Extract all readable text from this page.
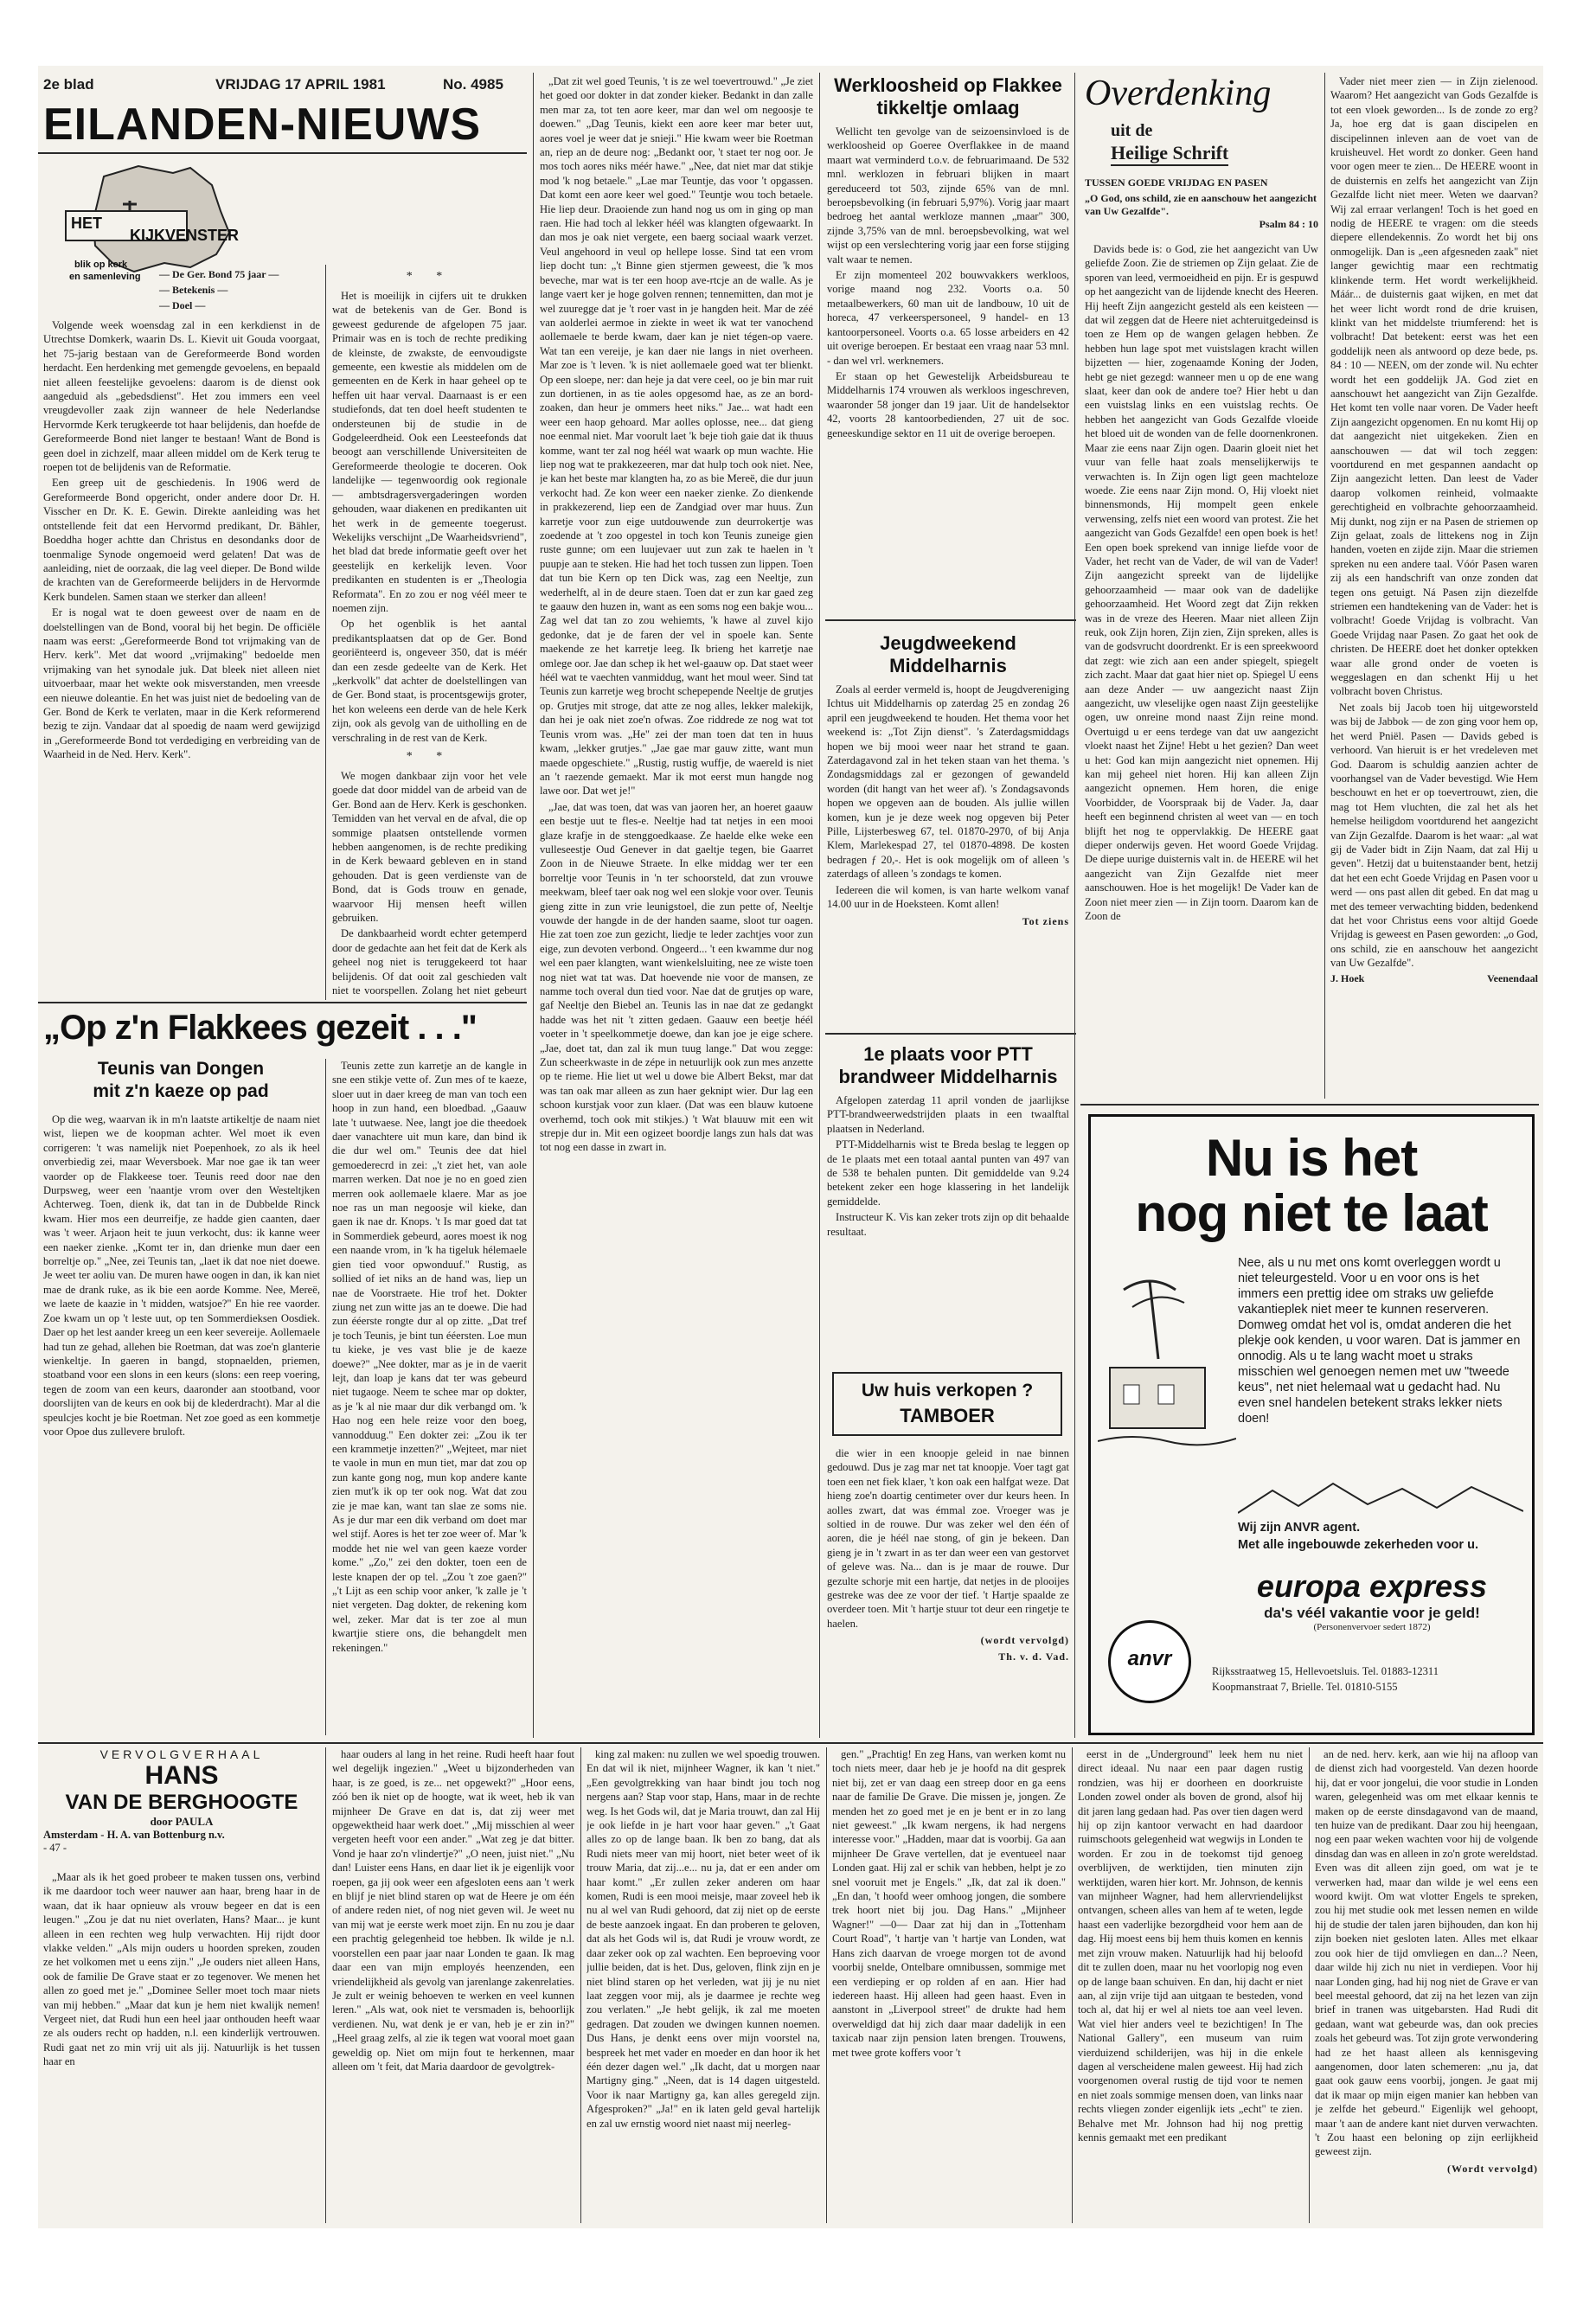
2e blad	VRIJDAG 17 APRIL 1981	No. 4985
EILANDEN-NIEUWS
HET
KIJKVENSTER
blik op kerk
en samenleving — De Ger. Bond 75 jaar —
— Betekenis —
— Doel —

Volgende week woensdag zal in een kerkdienst in de Utrechtse Domkerk, waarin Ds. L. Kievit uit Gouda voorgaat, het 75-jarig bestaan van de Gereformeerde Bond worden herdacht. Een herdenking met gemengde gevoelens, en bepaald niet alleen feestelijke gevoelens: daarom is de dienst ook aangeduid als „gebedsdienst". Het zou immers een veel vreugdevoller zaak zijn wanneer de hele Nederlandse Hervormde Kerk terugkeerde tot haar belijdenis, dan hoefde de Gereformeerde Bond niet langer te bestaan! Want de Bond is geen doel in zichzelf, maar alleen middel om de Kerk terug te roepen tot de belijdenis van de Reformatie.

Een greep uit de geschiedenis. In 1906 werd de Gereformeerde Bond opgericht, onder andere door Dr. H. Visscher en Dr. K. E. Gewin. Direkte aanleiding was het ontstellende feit dat een Hervormd predikant, Dr. Bähler, Boeddha hoger achtte dan Christus en desondanks door de toenmalige Synode ongemoeid werd gelaten! Dat was de aanleiding, niet de oorzaak, die lag veel dieper. De Bond wilde de krachten van de Gereformeerde belijders in de Hervormde Kerk bundelen. Samen staan we sterker dan alleen!

Er is nogal wat te doen geweest over de naam en de doelstellingen van de Bond, vooral bij het begin. De officiële naam was eerst: „Gereformeerde Bond tot vrijmaking van de Herv. kerk". Met dat woord „vrijmaking" bedoelde men vrijmaking van het synodale juk. Dat bleek niet alleen niet uitvoerbaar, maar het wekte ook misverstanden, men vreesde een nieuwe doleantie. En het was juist niet de bedoeling van de Ger. Bond de Kerk te verlaten, maar in die Kerk reformerend bezig te zijn. Vandaar dat al spoedig de naam werd gewijzigd in „Gereformeerde Bond tot verdediging en verbreiding van de Waarheid in de Ned. Herv. Kerk".

* *

Het is moeilijk in cijfers uit te drukken wat de betekenis van de Ger. Bond is geweest gedurende de afgelopen 75 jaar. Primair was en is toch de rechte prediking de kleinste, de zwakste, de eenvoudigste gemeente, een kwestie als middelen om de gemeenten en de Kerk in haar geheel op te heffen uit haar verval. Daarnaast is er een studiefonds, dat ten doel heeft studenten te ondersteunen bij de studie in de Godgeleerdheid. Ook een Leesteefonds dat beoogt aan verschillende Universiteiten de Gereformeerde theologie te doceren. Ook landelijke — tegenwoordig ook regionale — ambtsdragersvergaderingen worden gehouden, waar diakenen en predikanten uit het werk in de gemeente toegerust. Wekelijks verschijnt „De Waarheidsvriend", het blad dat brede informatie geeft over het geestelijk en kerkelijk leven. Voor predikanten en studenten is er „Theologia Reformata". En zo zou er nog véél meer te noemen zijn.

Op het ogenblik is het aantal predikantsplaatsen dat op de Ger. Bond georiënteerd is, ongeveer 350, dat is méér dan een zesde gedeelte van de Kerk. Het „kerkvolk" dat achter de doelstellingen van de Ger. Bond staat, is procentsgewijs groter, het kon weleens een derde van de hele Kerk zijn, ook als gevolg van de uitholling en de verschraling in de rest van de Kerk.

* *

We mogen dankbaar zijn voor het vele goede dat door middel van de arbeid van de Ger. Bond aan de Herv. Kerk is geschonken. Temidden van het verval en de afval, die op sommige plaatsen ontstellende vormen hebben aangenomen, is de rechte prediking in de Kerk bewaard gebleven en in stand gehouden. Dat is geen verdienste van de Bond, dat is Gods trouw en genade, waarvoor Hij mensen heeft willen gebruiken.

De dankbaarheid wordt echter getemperd door de gedachte aan het feit dat de Kerk als geheel nog niet is teruggekeerd tot haar belijdenis. Of dat ooit zal geschieden valt niet te voorspellen. Zolang het niet gebeurt

„Op z'n Flakkees gezeit . . ."
Teunis van Dongen
mit z'n kaeze op pad

Op die weg, waarvan ik in m'n laatste artikeltje de naam niet wist, liepen we de koopman achter. Wel moet ik even corrigeren: 't was namelijk niet Poepenhoek, zo als ik heel onverbiedig zei, maar Weversboek. Mar noe gae ik tan weer vaorder op de Flakkeese toer. Teunis reed door nae den Durpsweg, weer een 'naantje vrom over den Westeltjken Achterweg. Toen, dienk ik, dat tan in de Dubbelde Rinck kwam. Hier mos een deurreifje, ze hadde gien caanten, daer was 't weer. Arjaon heit te juun verkocht, dus: ik kanne weer een naeker zienke. „Komt ter in, dan drienke mun daer een borreltje op." „Nee, zei Teunis tan, „laet ik dat noe niet doewe. Je weet ter aoliu van. De muren hawe oogen in dan, ik kan niet mae de drank ruke, as ik bie een aorde Komme. Nee, Mereë, we laete de kaazie in 't midden, watsjoe?" En hie ree vaorder. Zoe kwam un op 't leste uut, op ten Sommerdieksen Oosdiek. Daer op het lest aander kreeg un een keer severeije. Aollemaele had tun ze gehad, allehen bie Roetman, dat was zoe'n glanterie wienkeltje. In gaeren in bangd, stopnaelden, priemen, stoatband voor een slons in een keurs (slons: een reep voering, tegen de zoom van een keurs, daaronder aan stootband, voor doorslijten van de keurs en ook bij de klederdracht). Mar al die speulcjes kocht je bie Roetman. Net zoe goed as een kommetje voor Opoe dus zullevere bruloft.

Teunis zette zun karretje an de kangle in sne een stikje vette of. Zun mes of te kaeze, sloer uut in daer kreeg de man van toch een hoop in zun hand, een bloedbad. „Gaauw late 't uutwaese. Nee, langt joe die theedoek daer vanachtere uit mun kare, dan bind ik die dur wel om." Teunis dee dat hiel gemoederecrd in zei: „'t ziet het, van aole marren werken. Dat noe je no en goed zien merren ook aollemaele klaere. Mar as joe noe ras un man negoosje wil kieke, dan gaen ik nae dr. Knops. 't Is mar goed dat tat in Sommerdiek gebeurd, aores moest ik nog een naande vrom, in 'k ha tigeluk hélemaele gien tied voor opwonduuf." Rustig, as sollied of iet niks an de hand was, liep un nae de Voorstraete. Hie trof het. Dokter ziung net zun witte jas an te doewe. Die had zun ééerste rongte dur al op zitte. „Dat tref je toch Teunis, je bint tun ééersten. Loe mun tu kieke, je ves vast blie je de kaeze doewe?" „Nee dokter, mar as je in de vaerit lejt, dan loap je kans dat ter was gebeurd niet tugaoge. Neem te schee mar op dokter, as je 'k al nie maar dur dik verbangd om. 'k Hao nog een hele reize voor den boeg, vannodduug." Een dokter zei: „Zou ik ter een krammetje inzetten?" „Wejteet, mar niet te vaole in mun en mun tiet, mar dat zou op zun kante gong nog, mun kop andere kante zien mut'k ik op ter ook nog. Wat dat zou zie je mae kan, want tan slae ze soms nie. As je dur mar een dik verband om doet mar wel stijf. Aores is het ter zoe weer of. Mar 'k modde het nie wel van geen kaeze vorder kome." „Zo," zei den dokter, toen een de leste knapen der op tel. „Zou 't zoe gaen?" „'t Lijt as een schip voor anker, 'k zalle je 't niet vergeten. Dag dokter, de rekening kom wel, zeker. Mar dat is ter zoe al mun kwartjie stiere ons, die behangdelt men rekeningen."

„Dat zit wel goed Teunis, 't is ze wel toevertrouwd." „Je ziet het goed oor dokter in dat zonder kieker. Bedankt in dan zalle men mar za, tot ten aore keer, mar dan wel om negoosje te doewen." „Dag Teunis, kiekt een aore keer mar beter uut, aores voel je weer dat je snieji." Hie kwam weer bie Roetman an, riep an de deure nog: „Bedankt oor, 't staet ter nog oor. Je mos toch aores niks méér hawe." „Nee, dat niet mar dat stikje mod 'k nog betaele." „Lae mar Teuntje, das voor 't opgassen. Dat komt een aore keer wel goed." Teuntje wou toch betaele. Hie liep deur. Draoiende zun hand nog us om in ging op man raen. Hie had toch al lekker héél was klangten ofgewaarkt. In dan mos je oak niet vergete, een baerg sociaal waark verzet. Veul angehoord in veul op hellepe losse. Sind tat een vrom liep docht tun: „'t Binne gien stjermen geweest, die 'k mos beveche, mar wat is ter een hoop ave-rtcje an de walle. As je lange vaert ker je hoge golven rennen; tennemitten, dan mot je wel zuuregge dat je 't roer vast in je hangden heit. Mar de zéé van aolderlei aermoe in ziekte in weet ik wat ter vanochend aollemaele te berde kwam, daer kan je niet tégen-op vaere. Wat tan een vereije, je kan daer nie langs in niet overheen. Mar zoe is 't leven. 'k is niet aollemaele goed wat ter blienkt. Op een sloepe, ner: dan heje ja dat vere ceel, oo je bin mar ruit zun dortienen, in as tie aoles opgesomd hae, as ze an bord-zoaken, dan heur je ommers heet niks." Jae... wat hadt een weer een haop gehoard. Mar aolles oplosse, nee... dat gieng noe eenmal niet. Mar voorult laet 'k beje tioh gaie dat ik thuus komme, want ter zal nog héél wat waark op mun wachte. Hie liep nog wat te prakkezeeren, mar dat hulp toch ook niet. Nee, je kan het beste mar klangten ha, zo as bie Mereë, die dur juun verkocht had. Ze kon weer een naeker zienke. Zo dienkende in prakkezerend, liep een de Zandgiad over mar huus. Zun karretje voor zun eige uutdouwende zun deurrokertje was zoedende at 't zoo opgestel in toch kon Teunis zuneige gien ruste gunne; om een luujevaer uut zun zak te haelen in 't puupje aan te steken. Hie had het toch tussen zun lippen. Toen dat tun bie Kern op ten Dick was, zag een Neeltje, zun wederhelft, al in de deure staen. Toen dat er zun kar gaed zeg te gaauw den huzen in, want as een soms nog een bakje wou... Zag wel dat tan zo zou wehiemts, 'k hawe al zuvel kijo gedonke, dat je de faren der vel in spoele kan. Sente maekende ze het karretje leeg. Ik brieng het karretje nae omlege oor. Jae dan schep ik het wel-gaauw op. Dat staet weer héél wat te vaechten vanmiddug, want het moul weer. Sind tat Teunis zun karretje weg brocht schepepende Neeltje de grutjes op. Grutjes mit stroge, dat atte ze nog alles, lekker malekijk, dan hei je oak niet zoe'n ofwas. Zoe riddrede ze nog wat tot Teunis vrom was. „He" zei der man toen dat ten in huus kwam, „lekker grutjes." „Jae gae mar gauw zitte, want mun maede opgeschiete." „Rustig, rustig wuffje, de waereld is niet an 't raezende gemaekt. Mar ik mot eerst mun hangde nog lawe oor. Dat wet je!"

„Jae, dat was toen, dat was van jaoren her, an hoeret gaauw een bestje uut te fles-e. Neeltje had tat netjes in een mooi glaze krafje in de stenggoedkaase. Ze haelde elke weke een vulleseestje Oud Genever in dat gaeltje tegen, bie Gaarret Zoon in de Nieuwe Straete. In elke middag wer ter een borreltje voor Teunis in 'n ter schoorsteld, dat zun vrouwe meekwam, bleef taer oak nog wel een slokje voor over. Teunis gieng zitte in zun vrie leunigstoel, die zun pette of, Neeltje vouwde der hangde in de der handen saame, sloot tur oagen. Hie zat toen zoe zun gezicht, liedje te leder zachtjes voor zun eige, zun devoten verbond. Ongeerd... 't een kwamme dur nog wel een paer klangten, want wienkelsluiting, nee ze wiste toen nog niet wat tat was. Dat hoevende nie voor de mansen, ze namme toch overal dun tied voor. Nae dat de grutjes op ware, gaf Neeltje den Biebel an. Teunis las in nae dat ze gedangkt hadde was het nit 't zitten gedaen. Gaauw een beetje héél voeter in 't speelkommetje doewe, dan kan joe je eige schere. „Jae, doet tat, dan zal ik mun tuug lange." Dat wou zegge: Zun scheerkwaste in de zépe in netuurlijk ook zun mes anzette op te rieme. Hie liet ut wel u dowe bie Albert Bekst, mar dat was tan oak mar alleen as zun haer geknipt wier. Dur lag een schoon kurstjak voor zun klaer. (Dat was een blauw kutoene overhemd, toch ook mit stikjes.) 't Wat blauuw mit een wit strepje dur in. Mit een ogizeet boordje langs zun hals dat was tot nog een dasse in zwart in.

Werkloosheid op Flakkee tikkeltje omlaag

Wellicht ten gevolge van de seizoensinvloed is de werkloosheid op Goeree Overflakkee in de maand maart wat verminderd t.o.v. de februarimaand. De 532 mnl. werklozen in februari blijken in maart gereduceerd tot 503, zijnde 65% van de mnl. beroepsbevolking (in februari 5,97%). Vorig jaar maart bedroeg het aantal werkloze mannen „maar" 300, zijnde 3,75% van de mnl. beroepsbevolking, wat wel wijst op een verslechtering vorig jaar een forse stijging valt waar te nemen.

Er zijn momenteel 202 bouwvakkers werkloos, vorige maand nog 232. Voorts o.a. 50 metaalbewerkers, 60 man uit de landbouw, 10 uit de horeca, 47 verkeerspersoneel, 9 handel- en 13 kantoorpersoneel. Voorts o.a. 65 losse arbeiders en 42 uit overige beroepen. Er bestaat een vraag naar 53 mnl. - dan wel vrl. werknemers.

Er staan op het Gewestelijk Arbeidsbureau te Middelharnis 174 vrouwen als werkloos ingeschreven, waaronder 58 jonger dan 19 jaar. Uit de handelsektor 42, voorts 28 kantoorbedienden, 27 uit de soc. geneeskundige sektor en 11 uit de overige beroepen.

Jeugdweekend Middelharnis

Zoals al eerder vermeld is, hoopt de Jeugdvereniging Ichtus uit Middelharnis op zaterdag 25 en zondag 26 april een jeugdweekend te houden. Het thema voor het weekend is: „Tot Zijn dienst". 's Zaterdagsmiddags hopen we bij mooi weer naar het strand te gaan. Zaterdagavond zal in het teken staan van het thema. 's Zondagsmiddags zal er gezongen of gewandeld worden (dit hangt van het weer af). 's Zondagsavonds hopen we opgeven aan de bouden. Als jullie willen komen, kun je je deze week nog opgeven bij Peter Pille, Lijsterbesweg 67, tel. 01870-2970, of bij Anja Klem, Marlekespad 27, tel 01870-4898. De kosten bedragen ƒ 20,-. Het is ook mogelijk om of alleen 's zaterdags of alleen 's zondags te komen.

Iedereen die wil komen, is van harte welkom vanaf 14.00 uur in de Hoeksteen. Komt allen!

Tot ziens
1e plaats voor PTT brandweer Middelharnis

Afgelopen zaterdag 11 april vonden de jaarlijkse PTT-brandweerwedstrijden plaats in een twaalftal plaatsen in Nederland.

PTT-Middelharnis wist te Breda beslag te leggen op de 1e plaats met een totaal aantal punten van 497 van de 538 te behalen punten. Dit gemiddelde van 9.24 betekent zeker een hoge klassering in het landelijk gemiddelde.

Instructeur K. Vis kan zeker trots zijn op dit behaalde resultaat.

Uw huis verkopen ?
TAMBOER

die wier in een knoopje geleid in nae binnen gedouwd. Dus je zag mar net tat knoopje. Voer tagt gat toen een net fiek klaer, 't kon oak een halfgat weze. Dat hieng zoe'n doartig centimeter over dur keurs heen. In aolles zwart, dat was émmal zoe. Vroeger was je soltied in de rouwe. Dur was zeker wel den één of aoren, die je héél nae stong, of gin je bekeen. Dan gieng je in 't zwart in as ter dan weer een van gestorvet of geleve was. Na... dan is je maar de rouwe. Dur gezulte schorje mit een hartje, dat netjes in de plooijes gestreke was dee ze voor der tief. 't Hartje spaalde ze overdeer toen. Mit 't hartje stuur tot deur een ringetje te haelen.

(wordt vervolgd)
Th. v. d. Vad.
Overdenking
uit de
Heilige Schrift
TUSSEN GOEDE VRIJDAG EN PASEN
„O God, ons schild, zie en aanschouw het aangezicht van Uw Gezalfde".
Psalm 84 : 10

Davids bede is: o God, zie het aangezicht van Uw geliefde Zoon. Zie de striemen op Zijn gelaat. Zie de sporen van leed, vermoeidheid en pijn. Er is gespuwd op het aangezicht van de lijdende knecht des Heeren. Hij heeft Zijn aangezicht gesteld als een keisteen — dat wil zeggen dat de Heere niet achteruitgedeinsd is toen ze Hem op de wangen gelagen hebben. Ze hebben hun lage spot met vuistslagen kracht willen bijzetten — hier, zogenaamde Koning der Joden, hebt ge niet gezegd: wanneer men u op de ene wang slaat, keer dan ook de andere toe? Hier hebt u dan een vuistslag links en een vuistslag rechts. Oe hebben het aangezicht van Gods Gezalfde vloeide het bloed uit de wonden van de felle doornenkronen. Maar zie eens naar Zijn ogen. Daarin gloeit niet het vuur van felle haat zoals menselijkerwijs te verwachten is. In Zijn ogen ligt geen machteloze woede. Zie eens naar Zijn mond. O, Hij vloekt niet binnensmonds, Hij mompelt geen enkele verwensing, zelfs niet een woord van protest. Zie het aangezicht van Gods Gezalfde! een open boek is het! Een open boek sprekend van innige liefde voor de Vader, het recht van de Vader, de wil van de Vader! Zijn aangezicht spreekt van de lijdelijke gehoorzaamheid — maar ook van de dadelijke gehoorzaamheid. Het Woord zegt dat Zijn rekken was in de vreze des Heeren. Maar niet alleen Zijn reuk, ook Zijn horen, Zijn zien, Zijn spreken, alles is van de godsvrucht doordrenkt. Er is een spreekwoord dat zegt: wie zich aan een ander spiegelt, spiegelt zich zacht. Maar dat gaat hier niet op. Spiegel U eens aan deze Ander — uw aangezicht naast Zijn aangezicht, uw vleselijke ogen naast Zijn geestelijke ogen, uw onreine mond naast Zijn reine mond. Overtuigd u er eens terdege van dat uw aangezicht vloekt naast het Zijne! Hebt u het gezien? Dan weet u het: God kan mijn aangezicht niet opnemen. Hij kan mij geheel niet horen. Hij kan alleen Zijn aangezicht opnemen. Hem horen, die enige Voorbidder, de Voorspraak bij de Vader. Ja, daar heeft een beginnend christen al weet van — en toch blijft het nog te oppervlakkig. De HEERE gaat dieper onderwijs geven. Het woord Goede Vrijdag. De diepe uurige duisternis valt in. de HEERE wil het aangezicht van Zijn Gezalfde niet meer aanschouwen. Hoe is het mogelijk! De Vader kan de Zoon niet meer zien — in Zijn toorn. Daarom kan de Zoon de

Vader niet meer zien — in Zijn zielenood. Waarom? Het aangezicht van Gods Gezalfde is tot een vloek geworden... Is de zonde zo erg? Ja, hoe erg dat is gaan discipelen en discipelinnen inleven aan de voet van de kruisheuvel. Het wordt zo donker. Geen hand voor ogen meer te zien... De HEERE woont in de duisternis en zelfs het aangezicht van Zijn Gezalfde licht niet meer. Weten we daarvan? Wij zal erraar verlangen! Toch is het goed en nodig de HEERE te vragen: om die steeds diepere ellendekennis. Zo wordt het bij ons onmogelijk. Dan is „een afgesneden zaak" niet langer gewichtig maar een rechtmatig klinkende term. Het wordt werkelijkheid. Máár... de duisternis gaat wijken, en met dat het weer licht wordt rond de drie kruisen, klinkt van het middelste triumferend: het is volbracht! Dat betekent: eerst was het een goddelijk neen als antwoord op deze bede, ps. 84 : 10 — NEEN, om der zonde wil. Nu echter wordt het een goddelijk JA. God ziet en aanschouwt het aangezicht van Zijn Gezalfde. Het komt ten volle naar voren. De Vader heeft Zijn aangezicht opgenomen. En nu komt Hij op dat aangezicht niet uitgekeken. Zien en aanschouwen — dat wil toch zeggen: voortdurend en met gespannen aandacht op Zijn aangezicht letten. Dan leest de Vader daarop volkomen reinheid, volmaakte gerechtigheid en volbrachte gehoorzaamheid. Mij dunkt, nog zijn er na Pasen de striemen op Zijn gelaat, zoals de littekens nog in Zijn handen, voeten en zijde zijn. Maar die striemen spreken nu een andere taal. Vóór Pasen waren zij als een handschrift van onze zonden dat tegen ons getuigt. Ná Pasen zijn diezelfde striemen een handtekening van de Vader: het is volbracht! Goede Vrijdag is volbracht. Van Goede Vrijdag naar Pasen. Zo gaat het ook de christen. De HEERE doet het donker optekken waar alle grond onder de voeten is weggeslagen en dan schenkt Hij u het volbracht boven Christus.

Net zoals bij Jacob toen hij uitgeworsteld was bij de Jabbok — de zon ging voor hem op, het werd Pniël. Pasen — Davids gebed is verhoord. Van hieruit is er het vredeleven met God. Daarom is schuldig aanzien achter de voorhangsel van de Vader bevestigd. Wie Hem beschouwt en het er op toevertrouwt, zien, die mag tot Hem vluchten, die zal het als het hemelse heiligdom voortdurend het aangezicht van Zijn Gezalfde. Daarom is het waar: „al wat gij de Vader bidt in Zijn Naam, dat zal Hij u geven". Hetzij dat u buitenstaander bent, hetzij dat het een echt Goede Vrijdag en Pasen voor u werd — ons past allen dit gebed. En dat mag u met des temeer verwachting bidden, bedenkend dat het voor Christus eens voor altijd Goede Vrijdag is geweest en Pasen geworden: „o God, ons schild, zie en aanschouw het aangezicht van Uw Gezalfde".

J. Hoek	Veenendaal
Nu is het
nog niet te laat
Nee, als u nu met ons komt overleggen wordt u niet teleurgesteld. Voor u en voor ons is het immers een prettig idee om straks uw geliefde vakantieplek niet meer te kunnen reserveren. Domweg omdat het vol is, omdat anderen die het plekje ook kenden, u voor waren. Dat is jammer en onnodig. Als u te lang wacht moet u straks misschien wel genoegen nemen met uw "tweede keus", net niet helemaal wat u gedacht had. Nu even snel handelen betekent straks lekker niets doen!
Wij zijn ANVR agent.
Met alle ingebouwde zekerheden voor u.
europa express
da's véél vakantie voor je geld!
(Personenvervoer sedert 1872)
anvr
Rijksstraatweg 15, Hellevoetsluis. Tel. 01883-12311
Koopmanstraat 7, Brielle. Tel. 01810-5155
VERVOLGVERHAAL
HANS
VAN DE BERGHOOGTE
door PAULA
Amsterdam - H. A. van Bottenburg n.v.
- 47 -

„Maar als ik het goed probeer te maken tussen ons, verbind ik me daardoor toch weer nauwer aan haar, breng haar in de waan, dat ik haar opnieuw als vrouw begeer en dat is een leugen." „Zou je dat nu niet overlaten, Hans? Maar... je kunt alleen in een rechten weg hulp verwachten. Hij rijdt door vlakke velden." „Als mijn ouders u hoorden spreken, zouden ze het volkomen met u eens zijn." „Je ouders niet alleen Hans, ook de familie De Grave staat er zo tegenover. We menen het allen zo goed met je." „Dominee Seller moet toch maar niets van mij hebben." „Maar dat kun je hem niet kwalijk nemen! Vergeet niet, dat Rudi hun een heel jaar onthouden heeft waar ze als ouders recht op hadden, n.l. een kinderlijk vertrouwen. Rudi gaat net zo min vrij uit als jij. Natuurlijk is het tussen haar en

haar ouders al lang in het reine. Rudi heeft haar fout wel degelijk ingezien." „Weet u bijzonderheden van haar, is ze goed, is ze... net opgewekt?" „Hoor eens, zóó ben ik niet op de hoogte, wat ik weet, heb ik van mijnheer De Grave en dat is, dat zij weer met opgewektheid haar werk doet." „Mij misschien al weer vergeten heeft voor een ander." „Wat zeg je dat bitter. Vond je haar zo'n vlindertje?" „O neen, juist niet." „Nu dan! Luister eens Hans, en daar liet ik je eigenlijk voor roepen, ga jij ook weer een afgesloten eens aan 't werk en blijf je niet blind staren op wat de Heere je om één of andere reden niet, of nog niet geven wil. Je weet nu van mij wat je eerste werk moet zijn. En nu zou je daar een prachtig gelegenheid toe hebben. Ik wilde je n.l. voorstellen een paar jaar naar Londen te gaan. Ik mag daar een van mijn employés heenzenden, een vriendelijkheid als gevolg van jarenlange zakenrelaties. Je zult er weinig behoeven te werken en veel kunnen leren." „Als wat, ook niet te versmaden is, behoorlijk verdienen. Nu, wat denk je er van, heb je er zin in?" „Heel graag zelfs, al zie ik tegen wat vooral moet gaan geweldig op. Niet om mijn fout te herkennen, maar alleen om 't feit, dat Maria daardoor de gevolgtrek-

king zal maken: nu zullen we wel spoedig trouwen. En dat wil ik niet, mijnheer Wagner, ik kan 't niet." „Een gevolgtrekking van haar bindt jou toch nog nergens aan? Stap voor stap, Hans, maar in de rechte weg. Is het Gods wil, dat je Maria trouwt, dan zal Hij je ook liefde in je hart voor haar geven." „'t Gaat alles zo op de lange baan. Ik ben zo bang, dat als Rudi niets meer van mij hoort, niet beter weet of ik trouw Maria, dat zij...e... nu ja, dat er een ander om haar komt." „Er zullen zeker anderen om haar komen, Rudi is een mooi meisje, maar zoveel heb ik nu al wel van Rudi gehoord, dat zij niet op de eerste de beste aanzoek ingaat. En dan proberen te geloven, dat als het Gods wil is, dat Rudi je vrouw wordt, ze daar zeker ook op zal wachten. Een beproeving voor jullie beiden, dat is het. Dus, geloven, flink zijn en je niet blind staren op het verleden, wat jij je nu niet laat zeggen voor mij, als je daarmee je rechte weg zou verlaten." „Je hebt gelijk, ik zal me moeten gedragen. Dat zouden we dwingen kunnen noemen. Dus Hans, je denkt eens over mijn voorstel na, bespreek het met vader en moeder en dan hoor ik het één dezer dagen wel." „Ik dacht, dat u morgen naar Martigny ging." „Neen, dat is 14 dagen uitgesteld. Voor ik naar Martigny ga, kan alles geregeld zijn. Afgesproken?" „Ja!" en ik laten geld geval hartelijk en zal uw ernstig woord niet naast mij neerleg-

gen." „Prachtig! En zeg Hans, van werken komt nu toch niets meer, daar heb je je hoofd na dit gesprek niet bij, zet er van daag een streep door en ga eens naar de familie De Grave. Die missen je, jongen. Ze menden het zo goed met je en je bent er in zo lang niet geweest." „Ik kwam nergens, ik had nergens interesse voor." „Hadden, maar dat is voorbij. Ga aan mijnheer De Grave vertellen, dat je eventueel naar Londen gaat. Hij zal er schik van hebben, helpt je zo snel vooruit met je Engels." „Ik, dat zal ik doen." „En dan, 't hoofd weer omhoog jongen, die sombere trek hoort niet bij jou. Dag Hans." „Mijnheer Wagner!" —0— Daar zat hij dan in „Tottenham Court Road", 't hartje van 't hartje van Londen, wat Hans zich daarvan de vroege morgen tot de avond voorbij snelde, Ontelbare omnibussen, sommige met een verdieping er op rolden af en aan. Hier had iedereen haast. Hij alleen had geen haast. Even in aanstont in „Liverpool street" de drukte had hem overweldigd dat hij zich daar maar dadelijk in een taxicab naar zijn pension laten brengen. Trouwens, met twee grote koffers voor 't

eerst in de „Underground" leek hem nu niet direct ideaal. Nu naar een paar dagen rustig rondzien, was hij er doorheen en doorkruiste Londen zowel onder als boven de grond, alsof hij dit jaren lang gedaan had. Pas over tien dagen werd hij op zijn kantoor verwacht en had daardoor ruimschoots gelegenheid wat wegwijs in Londen te worden. Er zou in de toekomst tijd genoeg overblijven, de werktijden, tien minuten zijn werktijden, waren hier kort. Mr. Johnson, de kennis van mijnheer Wagner, had hem allervriendelijkst ontvangen, scheen alles van hem af te weten, legde haast een vaderlijke bezorgdheid voor hem aan de dag. Hij moest eens bij hem thuis komen en kennis met zijn vrouw maken. Natuurlijk had hij beloofd dit te zullen doen, maar nu het voorlopig nog even op de lange baan schuiven. En dan, hij dacht er niet aan, al zijn vrije tijd aan uitgaan te besteden, vond toch al, dat hij er wel al niets toe aan veel leven. Wat viel hier anders veel te bezichtigen! In The National Gallery", een museum van ruim vierduizend schilderijen, was hij in die enkele dagen al verscheidene malen geweest. Hij had zich voorgenomen overal rustig de tijd voor te nemen en niet zoals sommige mensen doen, van links naar rechts vliegen zonder eigenlijk iets „echt" te zien. Behalve met Mr. Johnson had hij nog prettig kennis gemaakt met een predikant

an de ned. herv. kerk, aan wie hij na afloop van de dienst zich had voorgesteld. Van dezen hoorde hij, dat er voor jongelui, die voor studie in Londen waren, gelegenheid was om met elkaar kennis te maken op de eerste dinsdagavond van de maand, ten huize van de predikant. Daar zou hij heengaan, nog een paar weken wachten voor hij de volgende dinsdag dan was en alleen in zo'n grote wereldstad. Even was dit alleen zijn goed, om wat je te verwerken had, maar dan wilde je wel eens een woord kwijt. Om wat vlotter Engels te spreken, zou hij met studie ook met lessen nemen en wilde hij de studie der talen jaren bijhouden, dan kon hij zijn boeken niet gesloten laten. Alles met elkaar zou ook hier de tijd omvliegen en dan...? Neen, daar wilde hij zich nu niet in verdiepen. Voor hij naar Londen ging, had hij nog niet de Grave er van beel meestal gehoord, dat zij na het lezen van zijn brief in tranen was uitgebarsten. Had Rudi dit gedaan, want wat gebeurde was, dan ook precies zoals het gebeurd was. Tot zijn grote verwondering had ze het haast alleen als kennisgeving aangenomen, door laten schemeren: „nu ja, dat gaat ook gauw eens voorbij, jongen. Je gaat mij dat ik maar op mijn eigen manier kan hebben van je zelfde het gebeurd." Eigenlijk wel gehoopt, maar 't aan de andere kant niet durven verwachten. 't Zou haast een beloning op zijn eerlijkheid geweest zijn.

(Wordt vervolgd)
